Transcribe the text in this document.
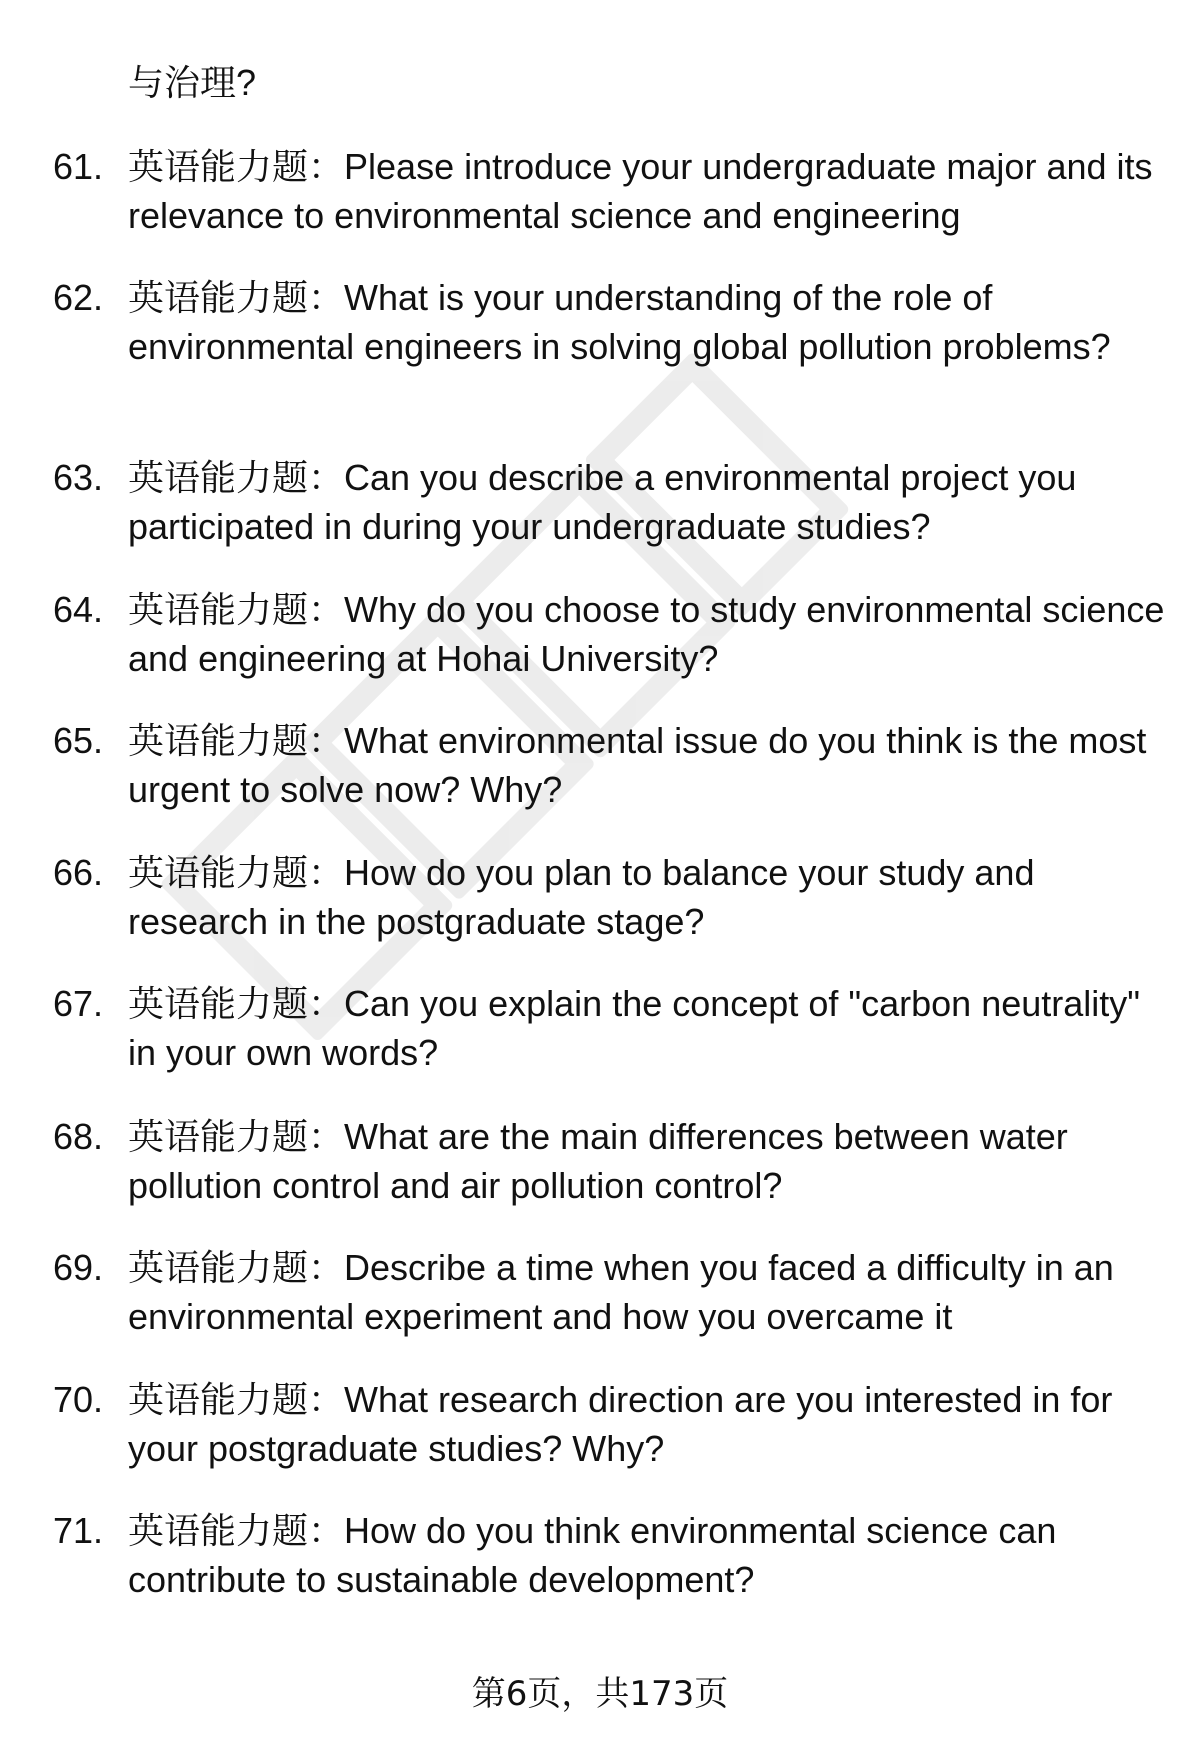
与治理?
61. 英语能力题：Please introduce your undergraduate major and its relevance to environmental science and engineering
62. 英语能力题：What is your understanding of the role of environmental engineers in solving global pollution problems?
63. 英语能力题：Can you describe a environmental project you participated in during your undergraduate studies?
64. 英语能力题：Why do you choose to study environmental science and engineering at Hohai University?
65. 英语能力题：What environmental issue do you think is the most urgent to solve now? Why?
66. 英语能力题：How do you plan to balance your study and research in the postgraduate stage?
67. 英语能力题：Can you explain the concept of "carbon neutrality" in your own words?
68. 英语能力题：What are the main differences between water pollution control and air pollution control?
69. 英语能力题：Describe a time when you faced a difficulty in an environmental experiment and how you overcame it
70. 英语能力题：What research direction are you interested in for your postgraduate studies? Why?
71. 英语能力题：How do you think environmental science can contribute to sustainable development?
第6页，共173页
